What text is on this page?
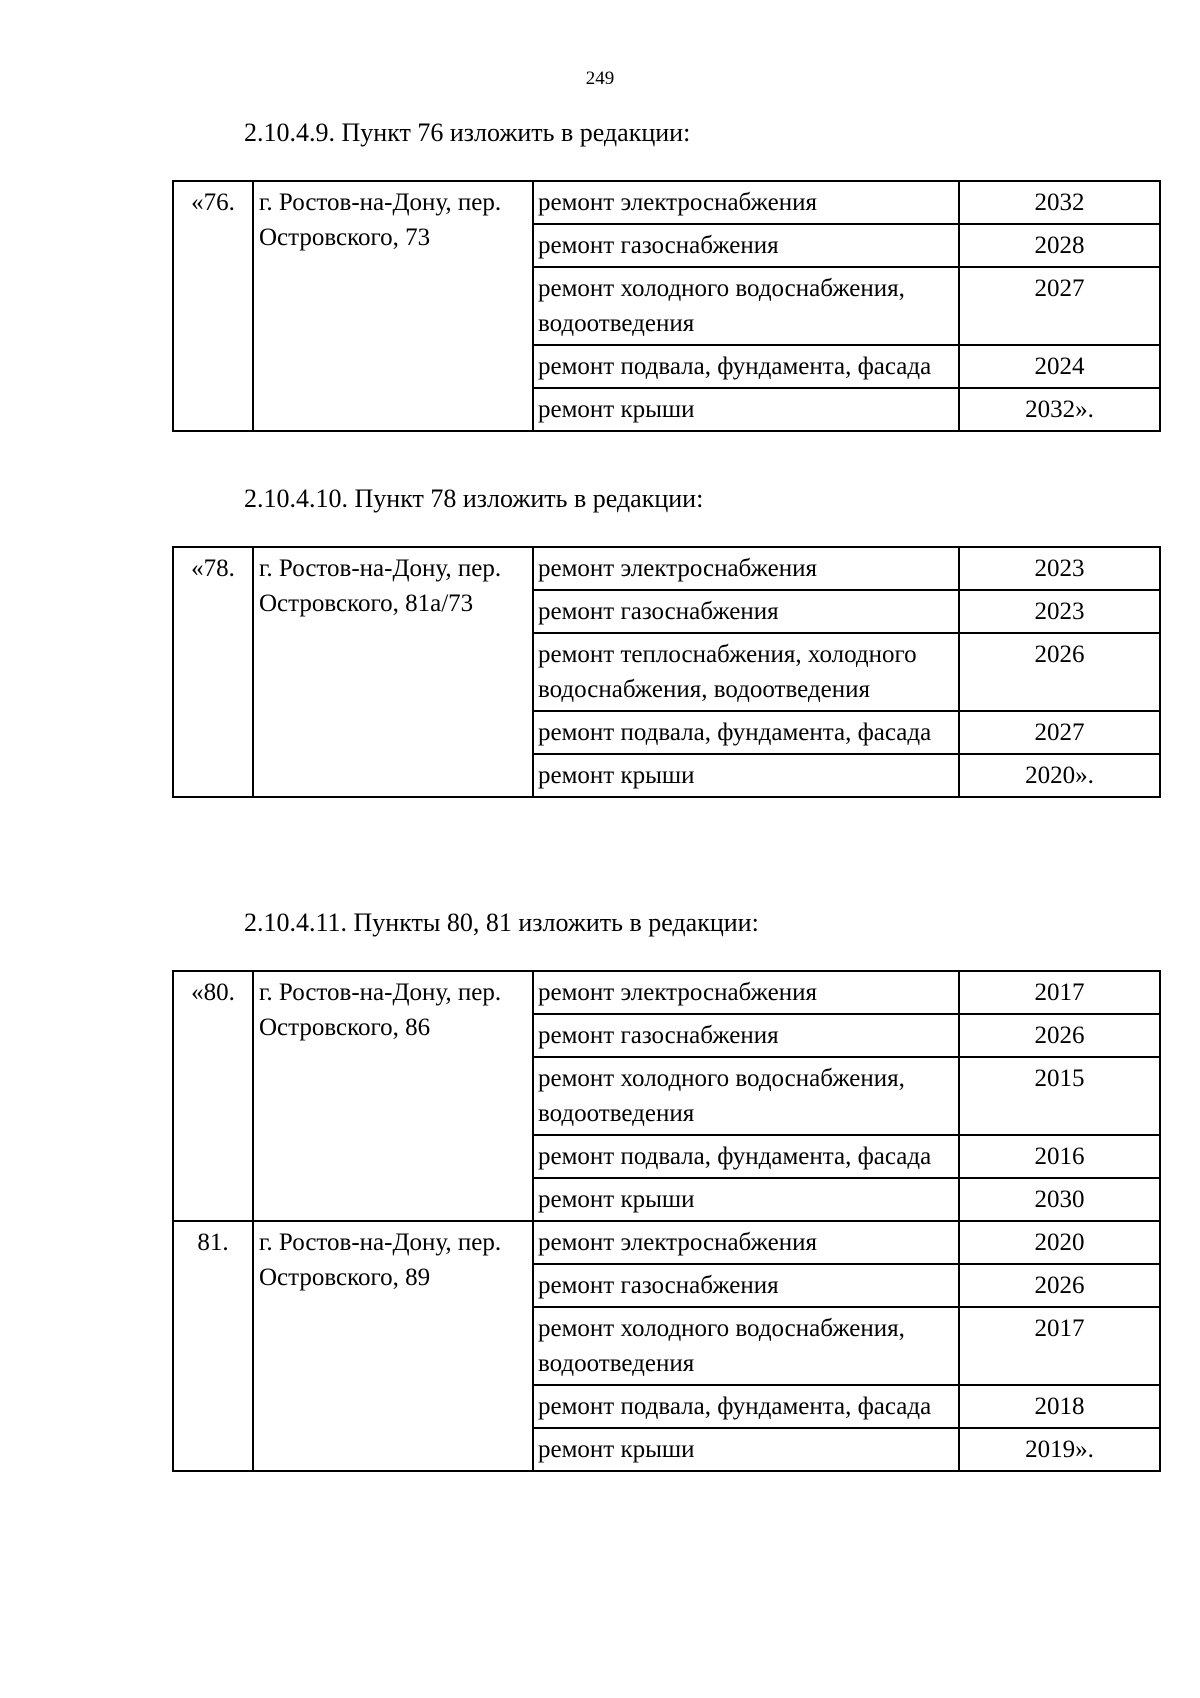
249
2.10.4.9. Пункт 76 изложить в редакции:
«76.	г. Ростов-на-Дону, пер. Островского, 73	ремонт электроснабжения	2032
		ремонт газоснабжения	2028
		ремонт холодного водоснабжения, водоотведения	2027
		ремонт подвала, фундамента, фасада	2024
		ремонт крыши	2032».
2.10.4.10. Пункт 78 изложить в редакции:
«78.	г. Ростов-на-Дону, пер. Островского, 81а/73	ремонт электроснабжения	2023
		ремонт газоснабжения	2023
		ремонт теплоснабжения, холодного водоснабжения, водоотведения	2026
		ремонт подвала, фундамента, фасада	2027
		ремонт крыши	2020».
2.10.4.11. Пункты 80, 81 изложить в редакции:
«80.	г. Ростов-на-Дону, пер. Островского, 86	ремонт электроснабжения	2017
		ремонт газоснабжения	2026
		ремонт холодного водоснабжения, водоотведения	2015
		ремонт подвала, фундамента, фасада	2016
		ремонт крыши	2030
81.	г. Ростов-на-Дону, пер. Островского, 89	ремонт электроснабжения	2020
		ремонт газоснабжения	2026
		ремонт холодного водоснабжения, водоотведения	2017
		ремонт подвала, фундамента, фасада	2018
		ремонт крыши	2019».
